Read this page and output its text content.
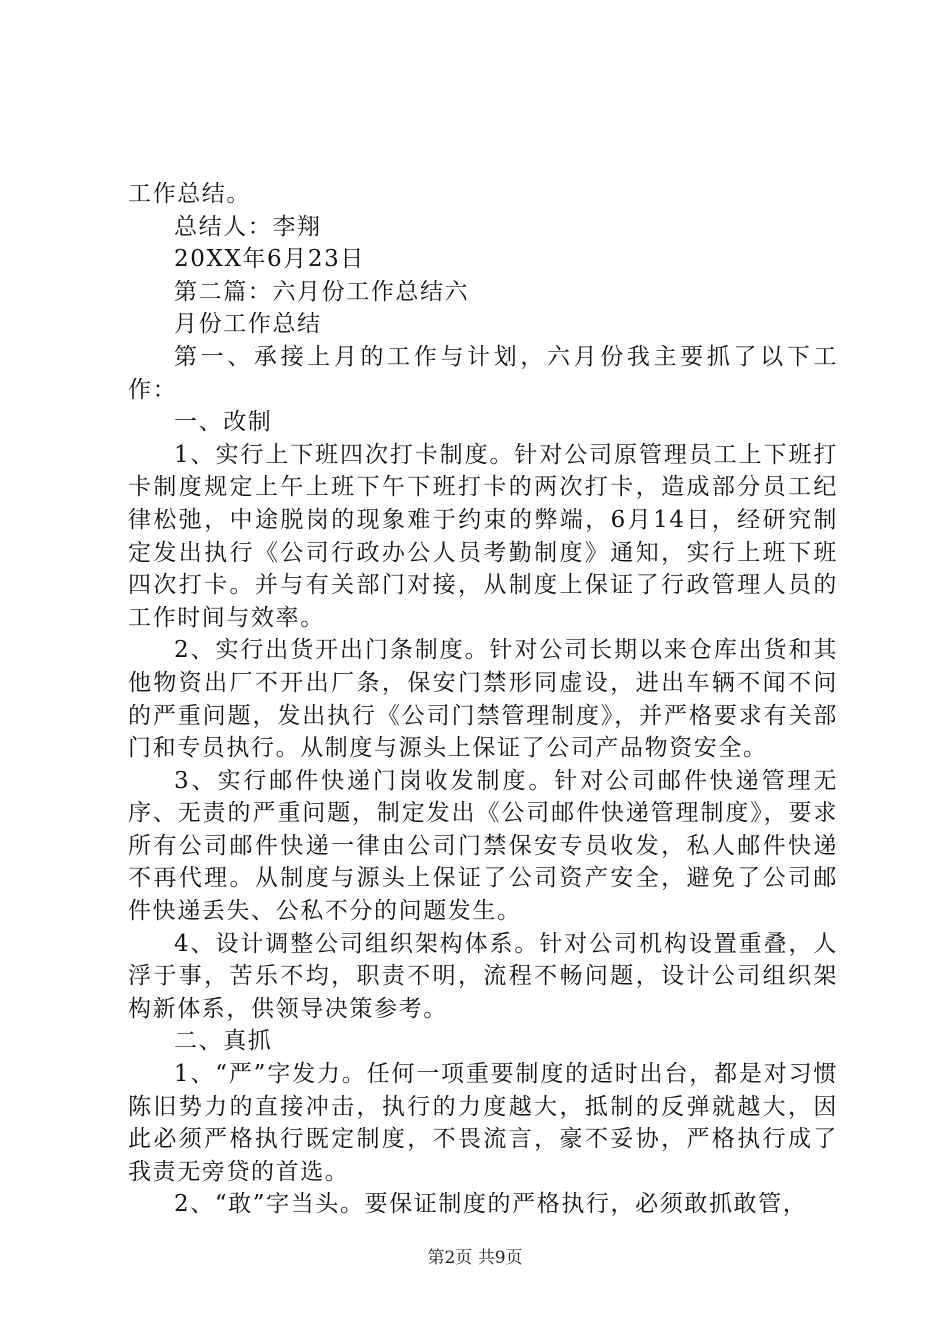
工作总结。

总结人：李翔

20XX年6月23日

第二篇：六月份工作总结六

月份工作总结

第一、承接上月的工作与计划，六月份我主要抓了以下工作：

一、改制

1、实行上下班四次打卡制度。针对公司原管理员工上下班打卡制度规定上午上班下午下班打卡的两次打卡，造成部分员工纪律松弛，中途脱岗的现象难于约束的弊端，6月14日，经研究制定发出执行《公司行政办公人员考勤制度》通知，实行上班下班四次打卡。并与有关部门对接，从制度上保证了行政管理人员的工作时间与效率。

2、实行出货开出门条制度。针对公司长期以来仓库出货和其他物资出厂不开出厂条，保安门禁形同虚设，进出车辆不闻不问的严重问题，发出执行《公司门禁管理制度》，并严格要求有关部门和专员执行。从制度与源头上保证了公司产品物资安全。

3、实行邮件快递门岗收发制度。针对公司邮件快递管理无序、无责的严重问题，制定发出《公司邮件快递管理制度》，要求所有公司邮件快递一律由公司门禁保安专员收发，私人邮件快递不再代理。从制度与源头上保证了公司资产安全，避免了公司邮件快递丢失、公私不分的问题发生。

4、设计调整公司组织架构体系。针对公司机构设置重叠，人浮于事，苦乐不均，职责不明，流程不畅问题，设计公司组织架构新体系，供领导决策参考。

二、真抓

1、“严”字发力。任何一项重要制度的适时出台，都是对习惯陈旧势力的直接冲击，执行的力度越大，抵制的反弹就越大，因此必须严格执行既定制度，不畏流言，豪不妥协，严格执行成了我责无旁贷的首选。

2、“敢”字当头。要保证制度的严格执行，必须敢抓敢管，

第2页 共9页
